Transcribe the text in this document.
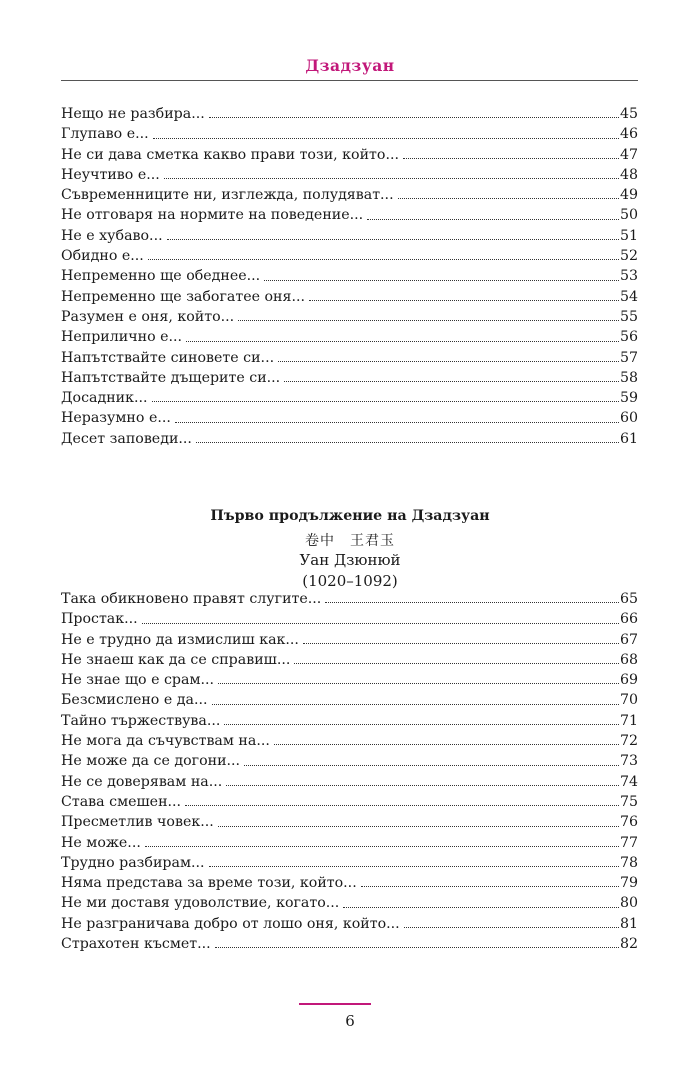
Дзадзуан
Нещо не разбира...	45
Глупаво е...	46
Не си дава сметка какво прави този, който...	47
Неучтиво е...	48
Съвременниците ни, изглежда, полудяват...	49
Не отговаря на нормите на поведение...	50
Не е хубаво...	51
Обидно е...	52
Непременно ще обеднее...	53
Непременно ще забогатее оня...	54
Разумен е оня, който...	55
Неприлично е...	56
Напътствайте синовете си...	57
Напътствайте дъщерите си...	58
Досадник...	59
Неразумно е...	60
Десет заповеди...	61
Първо продължение на Дзадзуан
卷中　王君玉
Уан Дзюнюй
(1020–1092)
Така обикновено правят слугите...	65
Простак...	66
Не е трудно да измислиш как...	67
Не знаеш как да се справиш...	68
Не знае що е срам...	69
Безсмислено е да...	70
Тайно тържествува...	71
Не мога да съчувствам на...	72
Не може да се догони...	73
Не се доверявам на...	74
Става смешен...	75
Пресметлив човек...	76
Не може...	77
Трудно разбирам...	78
Няма представа за време този, който...	79
Не ми доставя удоволствие, когато...	80
Не разграничава добро от лошо оня, който...	81
Страхотен късмет...	82
6
